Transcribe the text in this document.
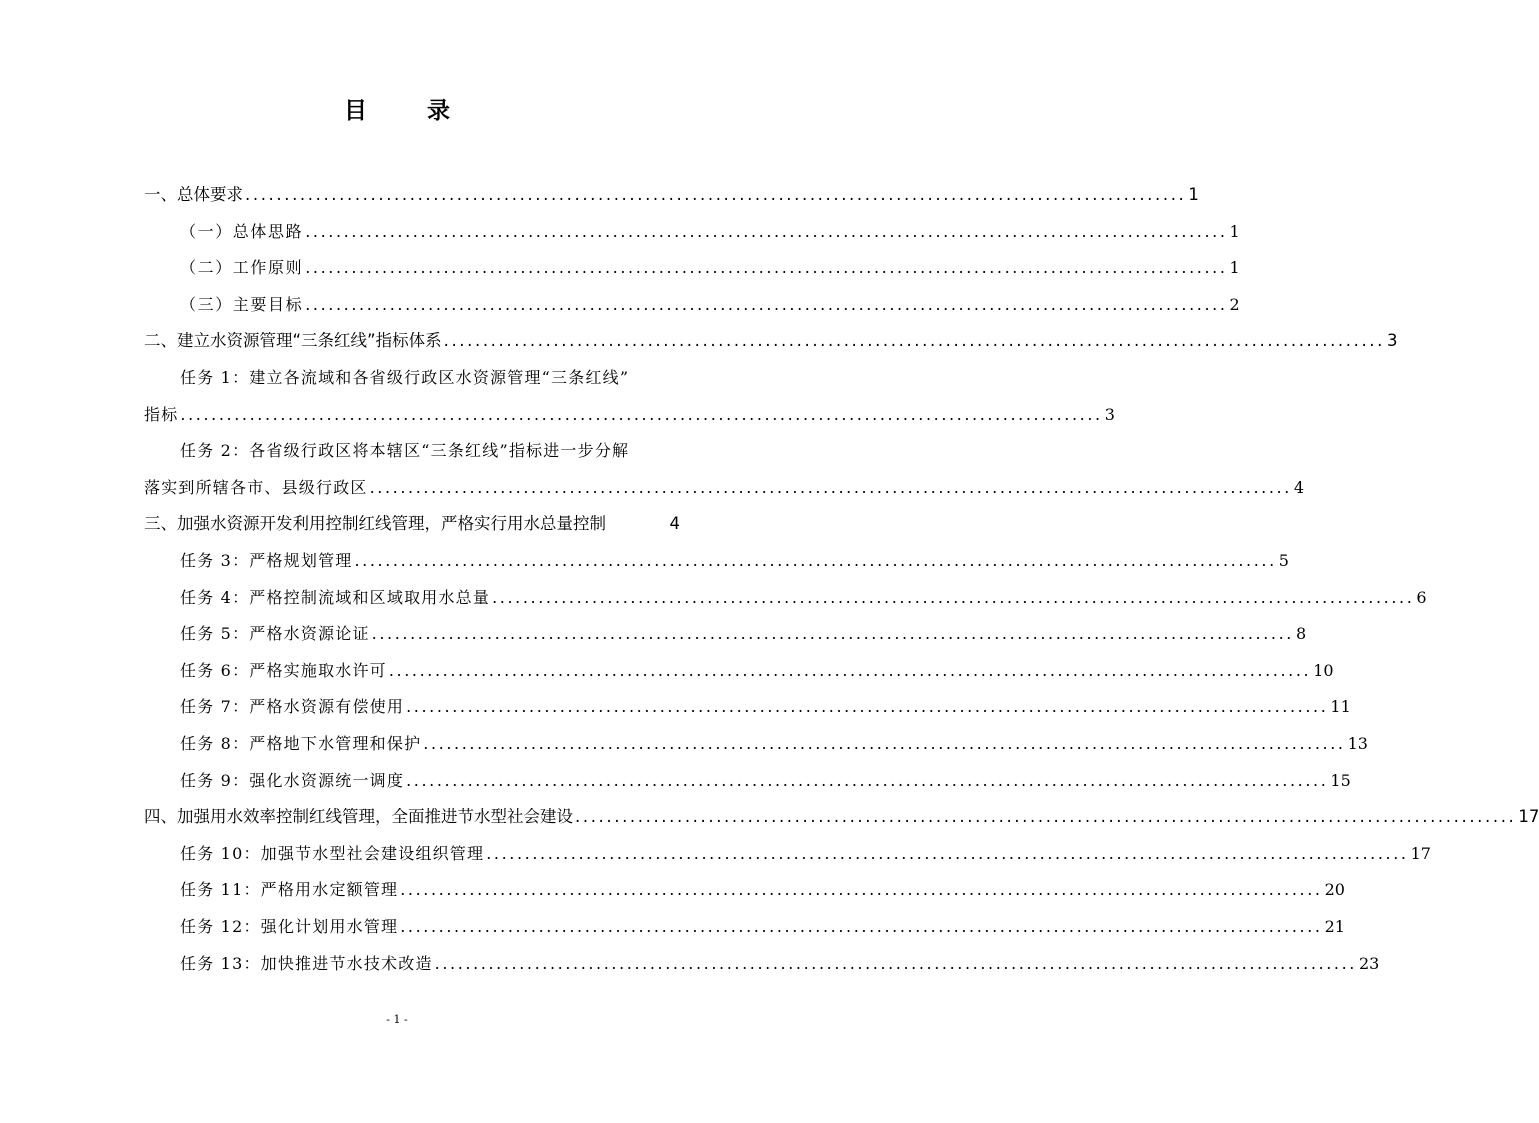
目 录
一、总体要求 ........................................................................................................................ 1
（一）总体思路 ........................................................................................................................ 1
（二）工作原则 ........................................................................................................................ 1
（三）主要目标 ........................................................................................................................ 2
二、建立水资源管理“三条红线”指标体系 ........................................................................................................................ 3
任务 1：建立各流域和各省级行政区水资源管理“三条红线”
指标 ........................................................................................................................ 3
任务 2：各省级行政区将本辖区“三条红线”指标进一步分解
落实到所辖各市、县级行政区 ........................................................................................................................ 4
三、加强水资源开发利用控制红线管理，严格实行用水总量控制	4
任务 3：严格规划管理 ........................................................................................................................ 5
任务 4：严格控制流域和区域取用水总量 ........................................................................................................................ 6
任务 5：严格水资源论证 ........................................................................................................................ 8
任务 6：严格实施取水许可 ........................................................................................................................ 10
任务 7：严格水资源有偿使用 ........................................................................................................................ 11
任务 8：严格地下水管理和保护 ........................................................................................................................ 13
任务 9：强化水资源统一调度 ........................................................................................................................ 15
四、加强用水效率控制红线管理，全面推进节水型社会建设 ........................................................................................................................ 17
任务 10：加强节水型社会建设组织管理 ........................................................................................................................ 17
任务 11：严格用水定额管理 ........................................................................................................................ 20
任务 12：强化计划用水管理 ........................................................................................................................ 21
任务 13：加快推进节水技术改造 ........................................................................................................................ 23
- 1 -
